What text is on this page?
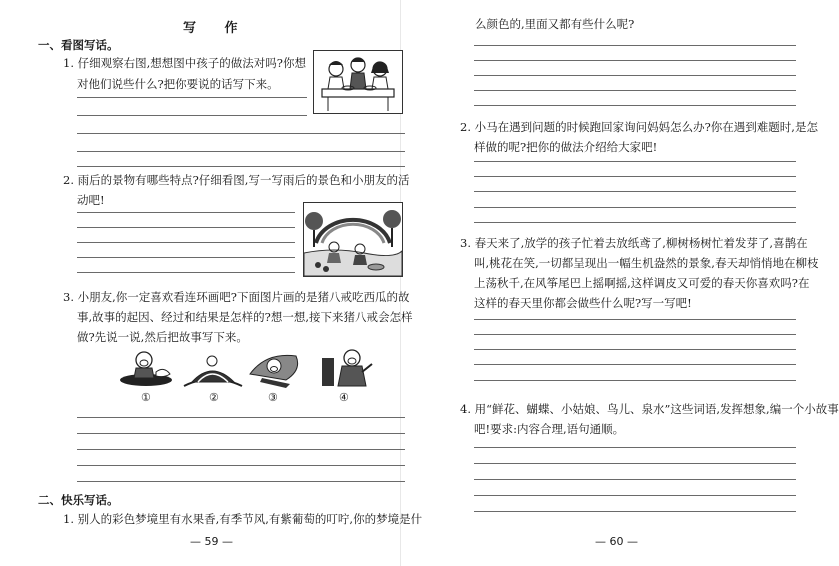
写 作
一、看图写话。
1. 仔细观察右图,想想图中孩子的做法对吗?你想
对他们说些什么?把你要说的话写下来。
2. 雨后的景物有哪些特点?仔细看图,写一写雨后的景色和小朋友的活
动吧!
3. 小朋友,你一定喜欢看连环画吧?下面图片画的是猪八戒吃西瓜的故
事,故事的起因、经过和结果是怎样的?想一想,接下来猪八戒会怎样
做?先说一说,然后把故事写下来。
①	②	③	④
二、快乐写话。
1. 别人的彩色梦境里有水果香,有季节风,有紫葡萄的叮咛,你的梦境是什
— 59 —
么颜色的,里面又都有些什么呢?
2. 小马在遇到问题的时候跑回家询问妈妈怎么办?你在遇到难题时,是怎
样做的呢?把你的做法介绍给大家吧!
3. 春天来了,放学的孩子忙着去放纸鸢了,柳树杨树忙着发芽了,喜鹊在
叫,桃花在笑,一切都呈现出一幅生机盎然的景象,春天却悄悄地在柳枝
上荡秋千,在风筝尾巴上摇啊摇,这样调皮又可爱的春天你喜欢吗?在
这样的春天里你都会做些什么呢?写一写吧!
4. 用“鲜花、蝴蝶、小姑娘、鸟儿、泉水”这些词语,发挥想象,编一个小故事
吧!要求:内容合理,语句通顺。
— 60 —
